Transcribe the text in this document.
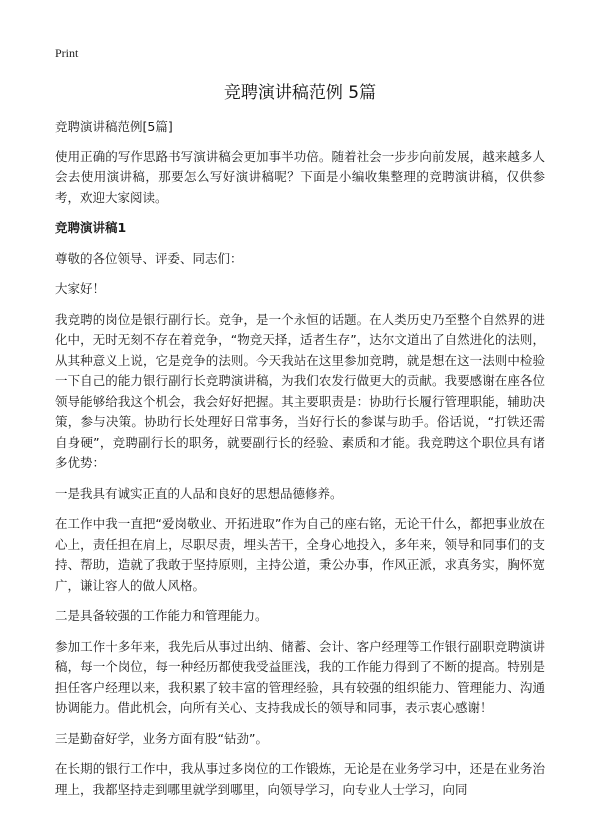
Print
竞聘演讲稿范例 5篇

竞聘演讲稿范例[5篇]

使用正确的写作思路书写演讲稿会更加事半功倍。随着社会一步步向前发展，越来越多人会去使用演讲稿，那要怎么写好演讲稿呢？下面是小编收集整理的竞聘演讲稿，仅供参考，欢迎大家阅读。

竞聘演讲稿1

尊敬的各位领导、评委、同志们：

大家好！

我竞聘的岗位是银行副行长。竞争，是一个永恒的话题。在人类历史乃至整个自然界的进化中，无时无刻不存在着竞争，“物竞天择，适者生存”，达尔文道出了自然进化的法则，从其种意义上说，它是竞争的法则。今天我站在这里参加竞聘，就是想在这一法则中检验一下自己的能力银行副行长竞聘演讲稿，为我们农发行做更大的贡献。我要感谢在座各位领导能够给我这个机会，我会好好把握。其主要职责是：协助行长履行管理职能，辅助决策，参与决策。协助行长处理好日常事务，当好行长的参谋与助手。俗话说，“打铁还需自身硬”，竞聘副行长的职务，就要副行长的经验、素质和才能。我竞聘这个职位具有诸多优势：

一是我具有诚实正直的人品和良好的思想品德修养。

在工作中我一直把“爱岗敬业、开拓进取”作为自己的座右铭，无论干什么，都把事业放在心上，责任担在肩上，尽职尽责，埋头苦干，全身心地投入，多年来，领导和同事们的支持、帮助，造就了我敢于坚持原则，主持公道，秉公办事，作风正派，求真务实，胸怀宽广，谦让容人的做人风格。

二是具备较强的工作能力和管理能力。

参加工作十多年来，我先后从事过出纳、储蓄、会计、客户经理等工作银行副职竞聘演讲稿，每一个岗位，每一种经历都使我受益匪浅，我的工作能力得到了不断的提高。特别是担任客户经理以来，我积累了较丰富的管理经验，具有较强的组织能力、管理能力、沟通协调能力。借此机会，向所有关心、支持我成长的领导和同事，表示衷心感谢！

三是勤奋好学，业务方面有股“钻劲”。

在长期的银行工作中，我从事过多岗位的工作锻炼，无论是在业务学习中，还是在业务治理上，我都坚持走到哪里就学到哪里，向领导学习，向专业人士学习，向同
